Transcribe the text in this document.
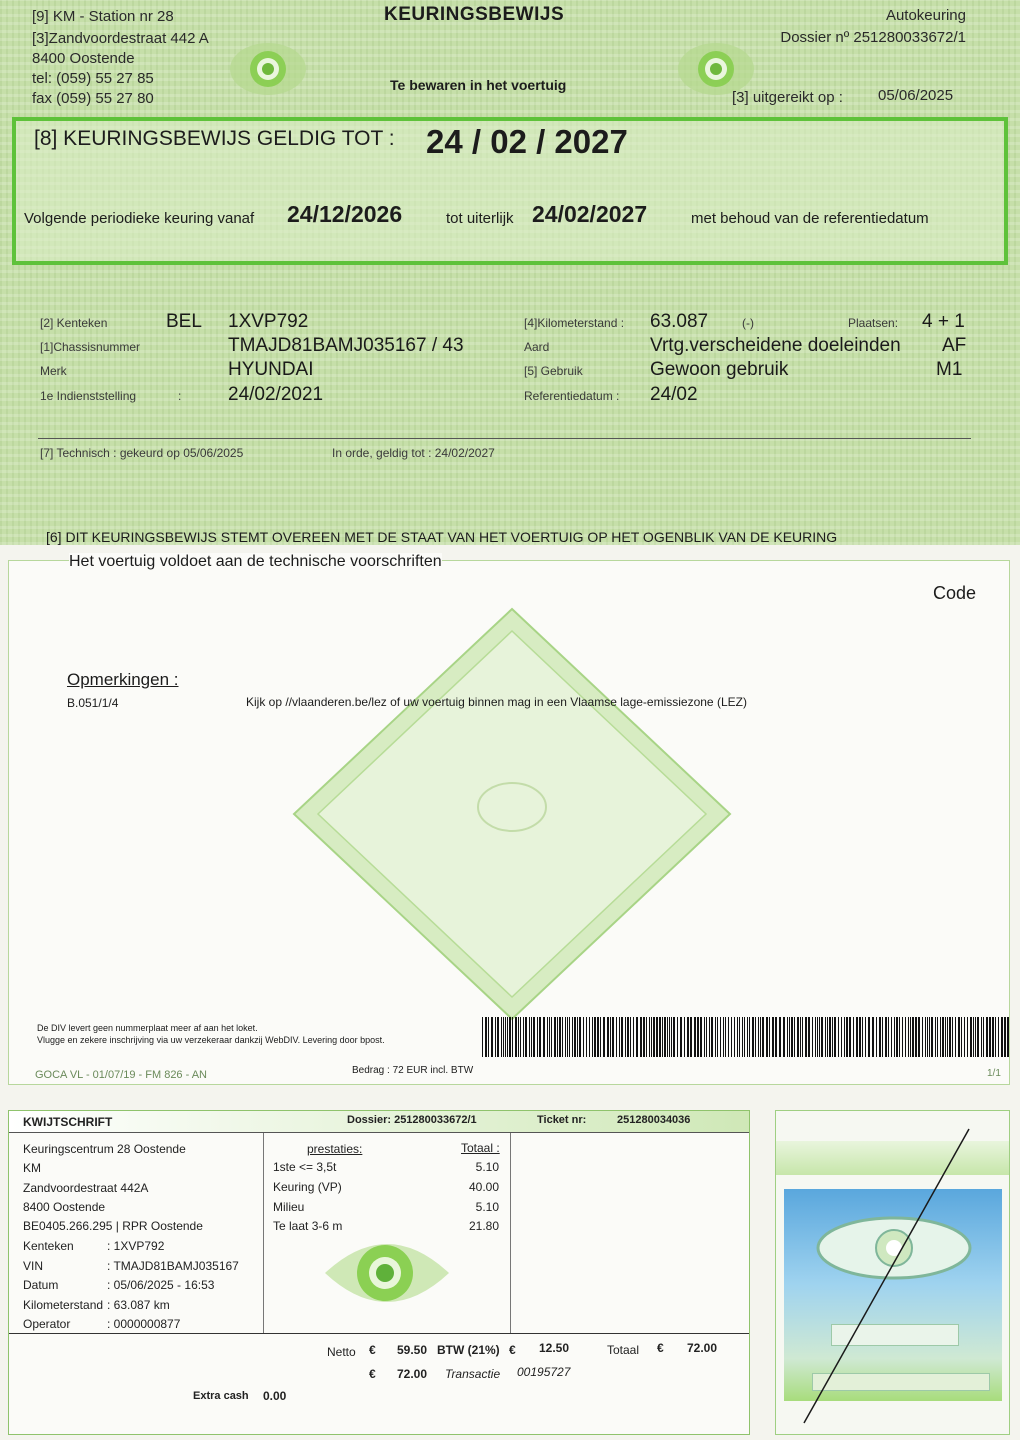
[9] KM - Station nr 28
[3]Zandvoordestraat 442 A
8400 Oostende
tel: (059) 55 27 85
fax (059) 55 27 80
KEURINGSBEWIJS
Te bewaren in het voertuig
Autokeuring
Dossier nº 251280033672/1
[3] uitgereikt op : 05/06/2025
[8] KEURINGSBEWIJS GELDIG TOT : 24 / 02 / 2027
Volgende periodieke keuring vanaf 24/12/2026	tot uiterlijk 24/02/2027	met behoud van de referentiedatum
[2] Kenteken	BEL 1XVP792
[1]Chassisnummer	TMAJD81BAMJ035167 / 43
Merk	HYUNDAI
1e Indienststelling	: 24/02/2021
[4]Kilometerstand : 63.087	(-)	Plaatsen: 4 + 1
Aard	Vrtg.verscheidene doeleinden AF
[5] Gebruik	Gewoon gebruik	M1
Referentiedatum : 24/02
[7] Technisch : gekeurd op 05/06/2025	In orde, geldig tot : 24/02/2027
[6] DIT KEURINGSBEWIJS STEMT OVEREEN MET DE STAAT VAN HET VOERTUIG OP HET OGENBLIK VAN DE KEURING
Het voertuig voldoet aan de technische voorschriften
Code
Opmerkingen :
B.051/1/4	Kijk op //vlaanderen.be/lez of uw voertuig binnen mag in een Vlaamse lage-emissiezone (LEZ)
De DIV levert geen nummerplaat meer af aan het loket.
Vlugge en zekere inschrijving via uw verzekeraar dankzij WebDIV. Levering door bpost.
GOCA VL - 01/07/19 - FM 826 - AN	Bedrag : 72 EUR incl. BTW	1/1
KWIJTSCHRIFT	Dossier: 251280033672/1	Ticket nr:	251280034036
Keuringscentrum 28 Oostende
KM
Zandvoordestraat 442A
8400 Oostende
BE0405.266.295 | RPR Oostende
Kenteken	: 1XVP792
VIN	: TMAJD81BAMJ035167
Datum	: 05/06/2025 - 16:53
Kilometerstand : 63.087 km
Operator	: 0000000877
prestaties:	Totaal :
1ste <= 3,5t	5.10
Keuring (VP)	40.00
Milieu	5.10
Te laat 3-6 m	21.80
Netto € 59.50 BTW (21%) € 12.50	Totaal € 72.00
€ 72.00 Transactie 00195727
Extra cash 0.00
